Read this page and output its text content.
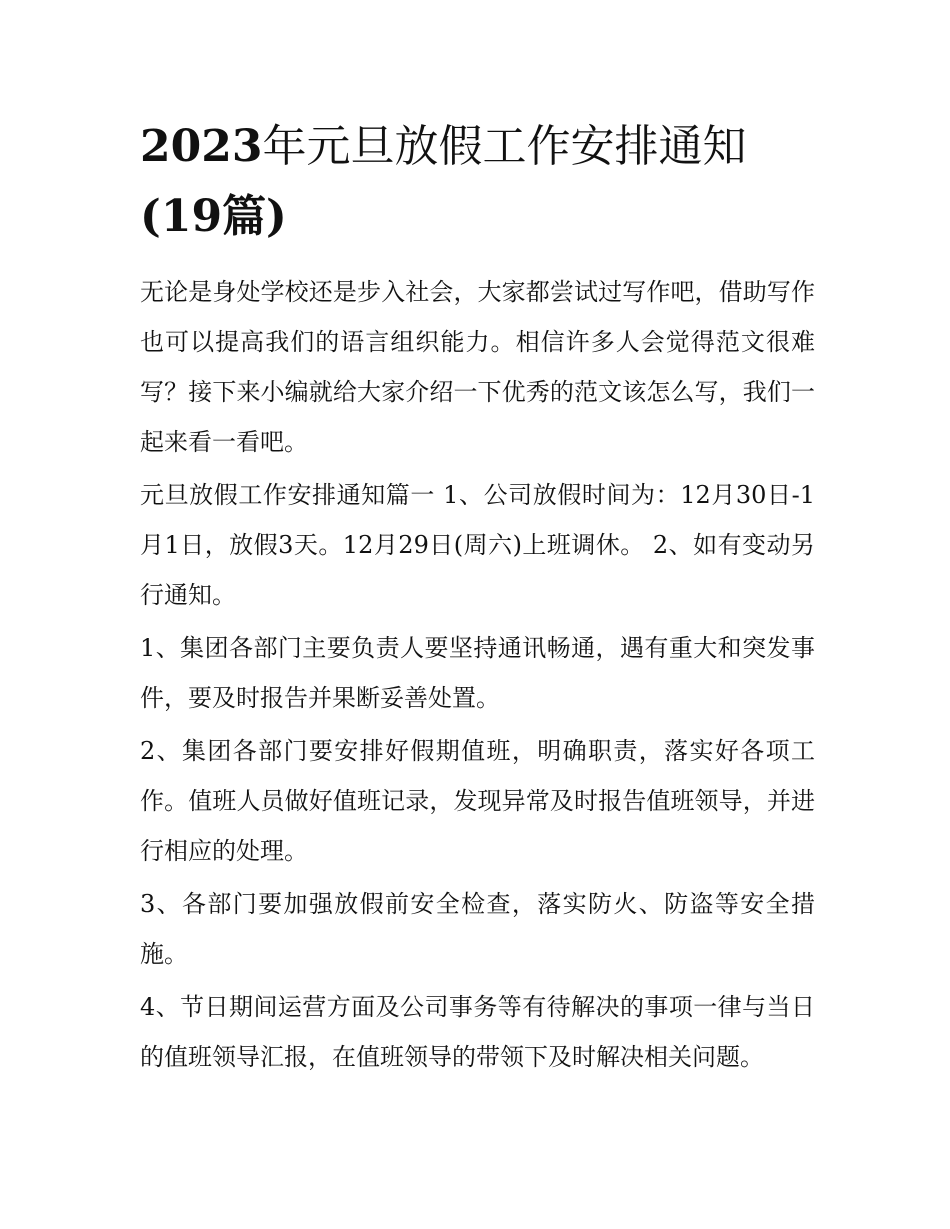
2023年元旦放假工作安排通知
(19篇)

无论是身处学校还是步入社会，大家都尝试过写作吧，借助写作也可以提高我们的语言组织能力。相信许多人会觉得范文很难写？接下来小编就给大家介绍一下优秀的范文该怎么写，我们一起来看一看吧。

元旦放假工作安排通知篇一 1、公司放假时间为：12月30日-1月1日，放假3天。12月29日(周六)上班调休。 2、如有变动另行通知。

1、集团各部门主要负责人要坚持通讯畅通，遇有重大和突发事件，要及时报告并果断妥善处置。

2、集团各部门要安排好假期值班，明确职责，落实好各项工作。值班人员做好值班记录，发现异常及时报告值班领导，并进行相应的处理。

3、各部门要加强放假前安全检查，落实防火、防盗等安全措施。

4、节日期间运营方面及公司事务等有待解决的事项一律与当日的值班领导汇报，在值班领导的带领下及时解决相关问题。
